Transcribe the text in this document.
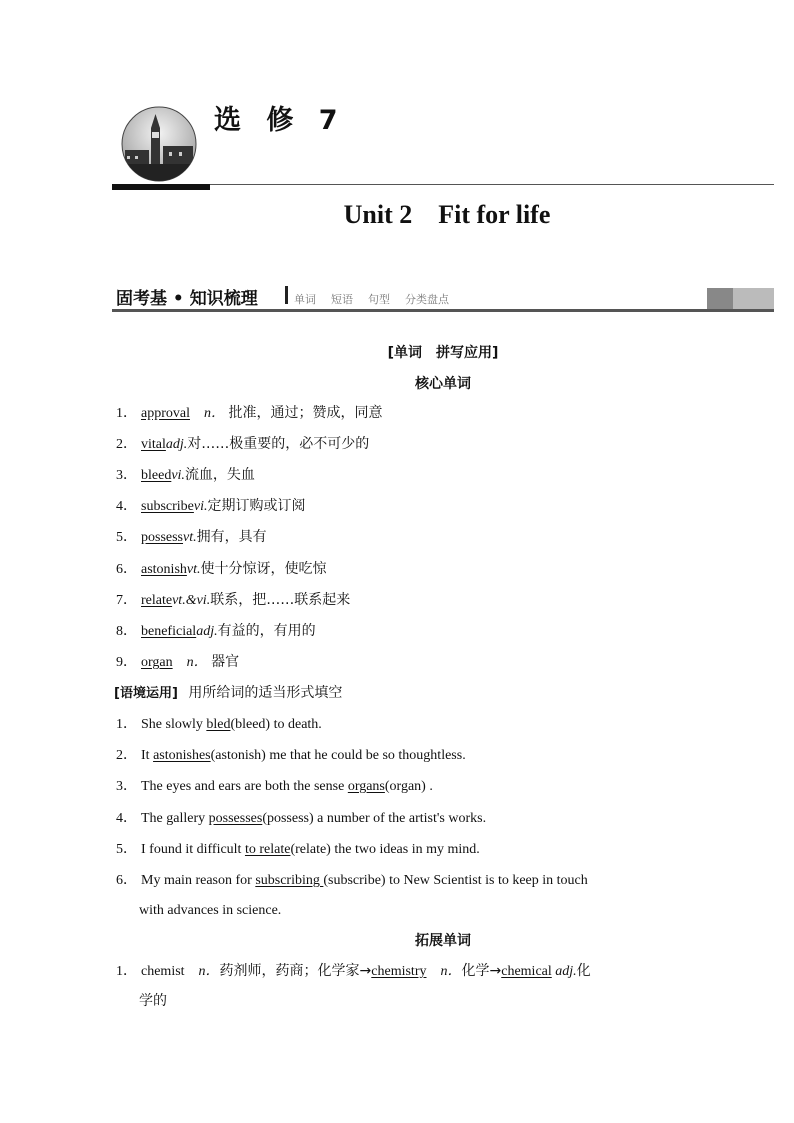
选 修 7
Unit 2    Fit for life
固考基 • 知识梳理	单词  短语  句型  分类盘点
[单词　拼写应用]
核心单词
1． approval n． 批准，通过；赞成，同意
2． vitaladj.对……极重要的，必不可少的
3． bleedvi.流血，失血
4． subscribevi.定期订购或订阅
5． possessvt.拥有，具有
6． astonishvt.使十分惊讶，使吃惊
7． relatevt.&vi.联系，把……联系起来
8． beneficialadj.有益的，有用的
9． organ n． 器官
[语境运用] 用所给词的适当形式填空
1． She slowly bled(bleed) to death.
2． It astonishes(astonish) me that he could be so thoughtless.
3． The eyes and ears are both the sense organs(organ) .
4． The gallery possesses(possess) a number of the artist's works.
5． I found it difficult to relate(relate) the two ideas in my mind.
6． My main reason for subscribing (subscribe) to New Scientist is to keep in touch
with advances in science.
拓展单词
1． chemist n．药剂师，药商；化学家→chemistry n．化学→chemical adj.化
学的
